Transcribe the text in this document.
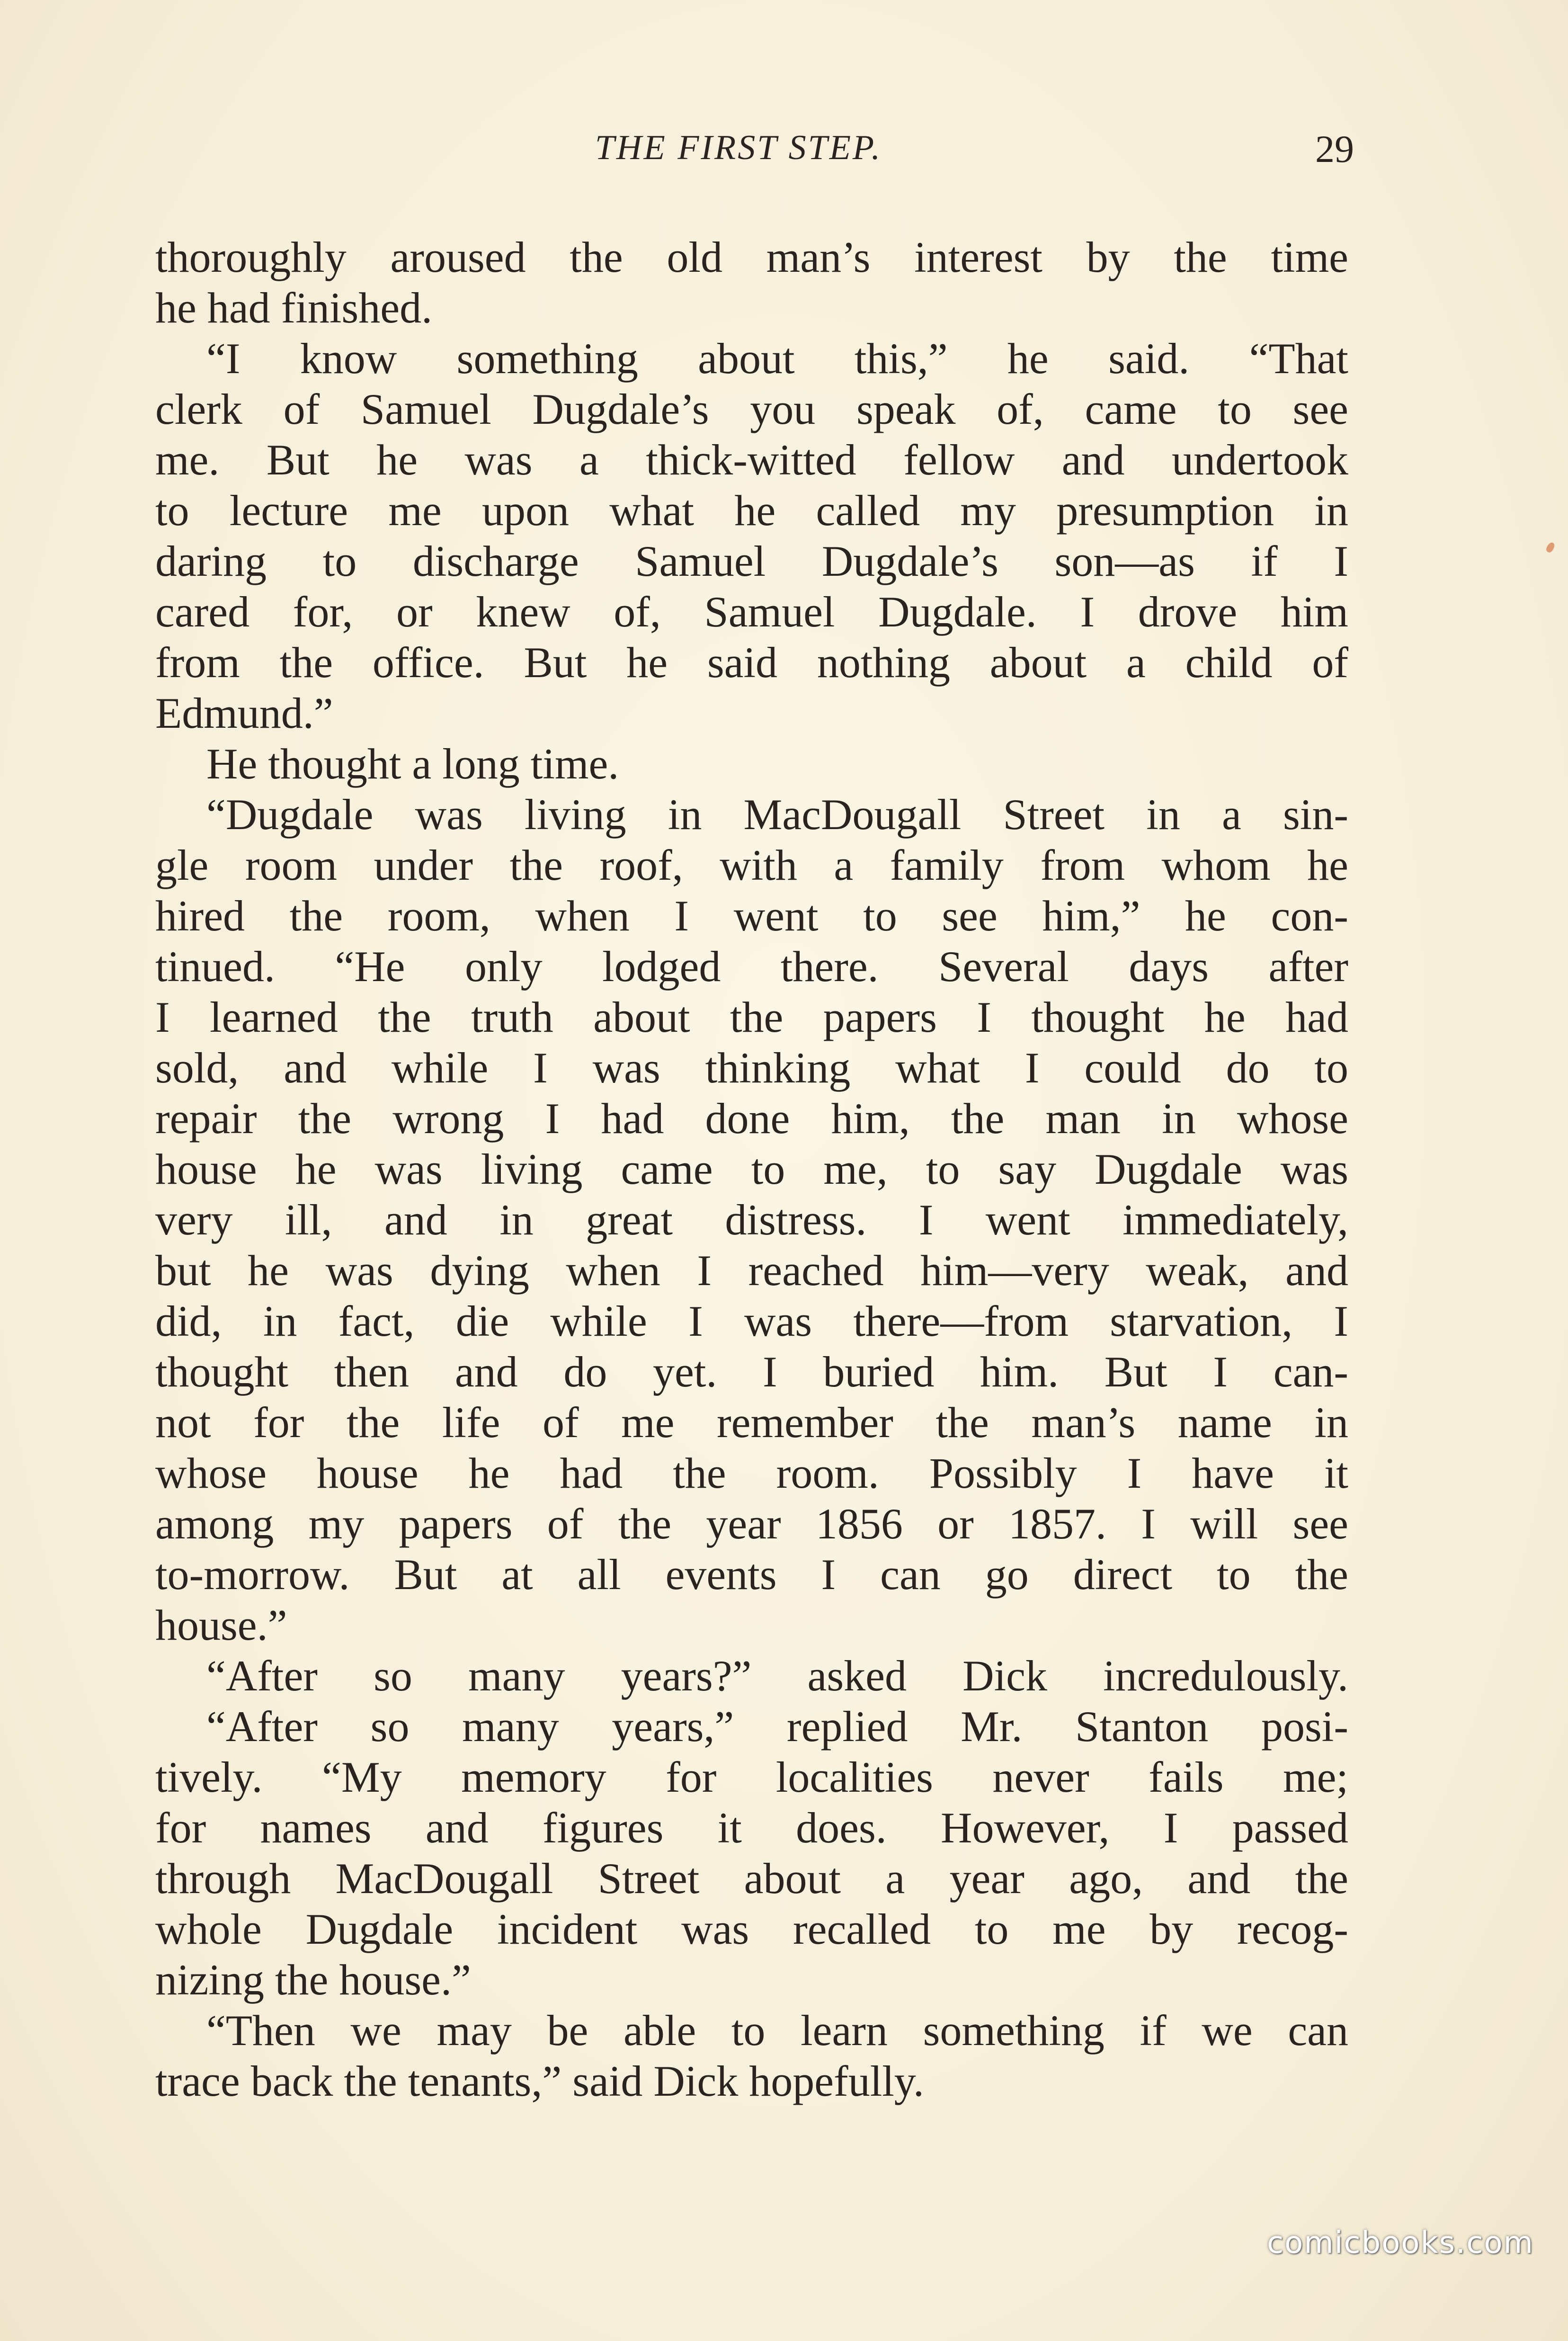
THE FIRST STEP.	29
thoroughly aroused the old man’s interest by the time
he had finished.
“I know something about this,” he said. “That
clerk of Samuel Dugdale’s you speak of, came to see
me. But he was a thick-witted fellow and undertook
to lecture me upon what he called my presumption in
daring to discharge Samuel Dugdale’s son—as if I
cared for, or knew of, Samuel Dugdale. I drove him
from the office. But he said nothing about a child of
Edmund.”
He thought a long time.
“Dugdale was living in MacDougall Street in a sin-
gle room under the roof, with a family from whom he
hired the room, when I went to see him,” he con-
tinued. “He only lodged there. Several days after
I learned the truth about the papers I thought he had
sold, and while I was thinking what I could do to
repair the wrong I had done him, the man in whose
house he was living came to me, to say Dugdale was
very ill, and in great distress. I went immediately,
but he was dying when I reached him—very weak, and
did, in fact, die while I was there—from starvation, I
thought then and do yet. I buried him. But I can-
not for the life of me remember the man’s name in
whose house he had the room. Possibly I have it
among my papers of the year 1856 or 1857. I will see
to-morrow. But at all events I can go direct to the
house.”
“After so many years?” asked Dick incredulously.
“After so many years,” replied Mr. Stanton posi-
tively. “My memory for localities never fails me;
for names and figures it does. However, I passed
through MacDougall Street about a year ago, and the
whole Dugdale incident was recalled to me by recog-
nizing the house.”
“Then we may be able to learn something if we can
trace back the tenants,” said Dick hopefully.
comicbooks.com
